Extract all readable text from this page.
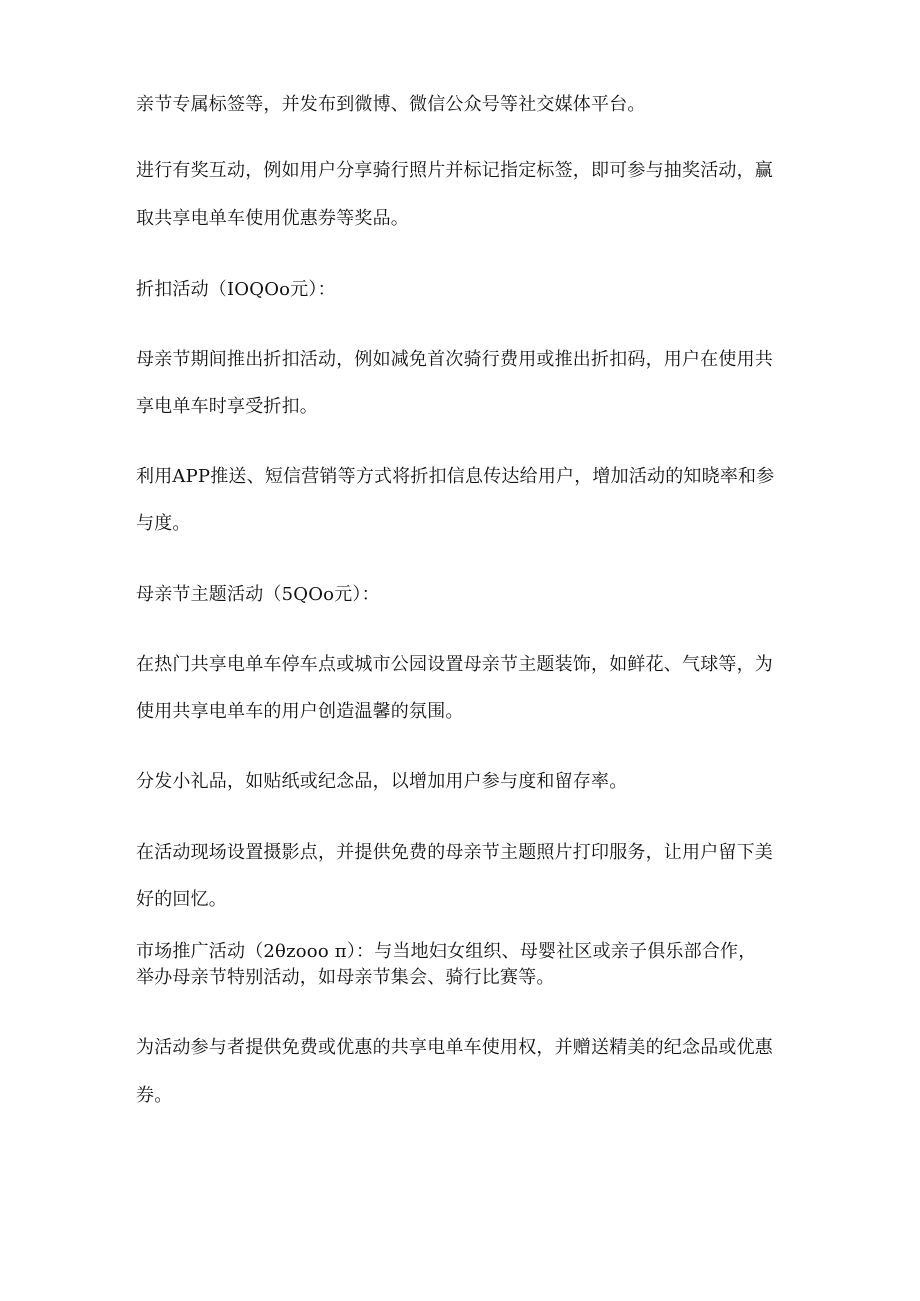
亲节专属标签等，并发布到微博、微信公众号等社交媒体平台。

进行有奖互动，例如用户分享骑行照片并标记指定标签，即可参与抽奖活动，赢

取共享电单车使用优惠券等奖品。

折扣活动（IOQOo元）：

母亲节期间推出折扣活动，例如减免首次骑行费用或推出折扣码，用户在使用共

享电单车时享受折扣。

利用APP推送、短信营销等方式将折扣信息传达给用户，增加活动的知晓率和参

与度。

母亲节主题活动（5QOo元）：

在热门共享电单车停车点或城市公园设置母亲节主题装饰，如鲜花、气球等，为

使用共享电单车的用户创造温馨的氛围。

分发小礼品，如贴纸或纪念品，以增加用户参与度和留存率。

在活动现场设置摄影点，并提供免费的母亲节主题照片打印服务，让用户留下美

好的回忆。

市场推广活动（2θzooo π）：与当地妇女组织、母婴社区或亲子俱乐部合作，

举办母亲节特别活动，如母亲节集会、骑行比赛等。

为活动参与者提供免费或优惠的共享电单车使用权，并赠送精美的纪念品或优惠

券。
